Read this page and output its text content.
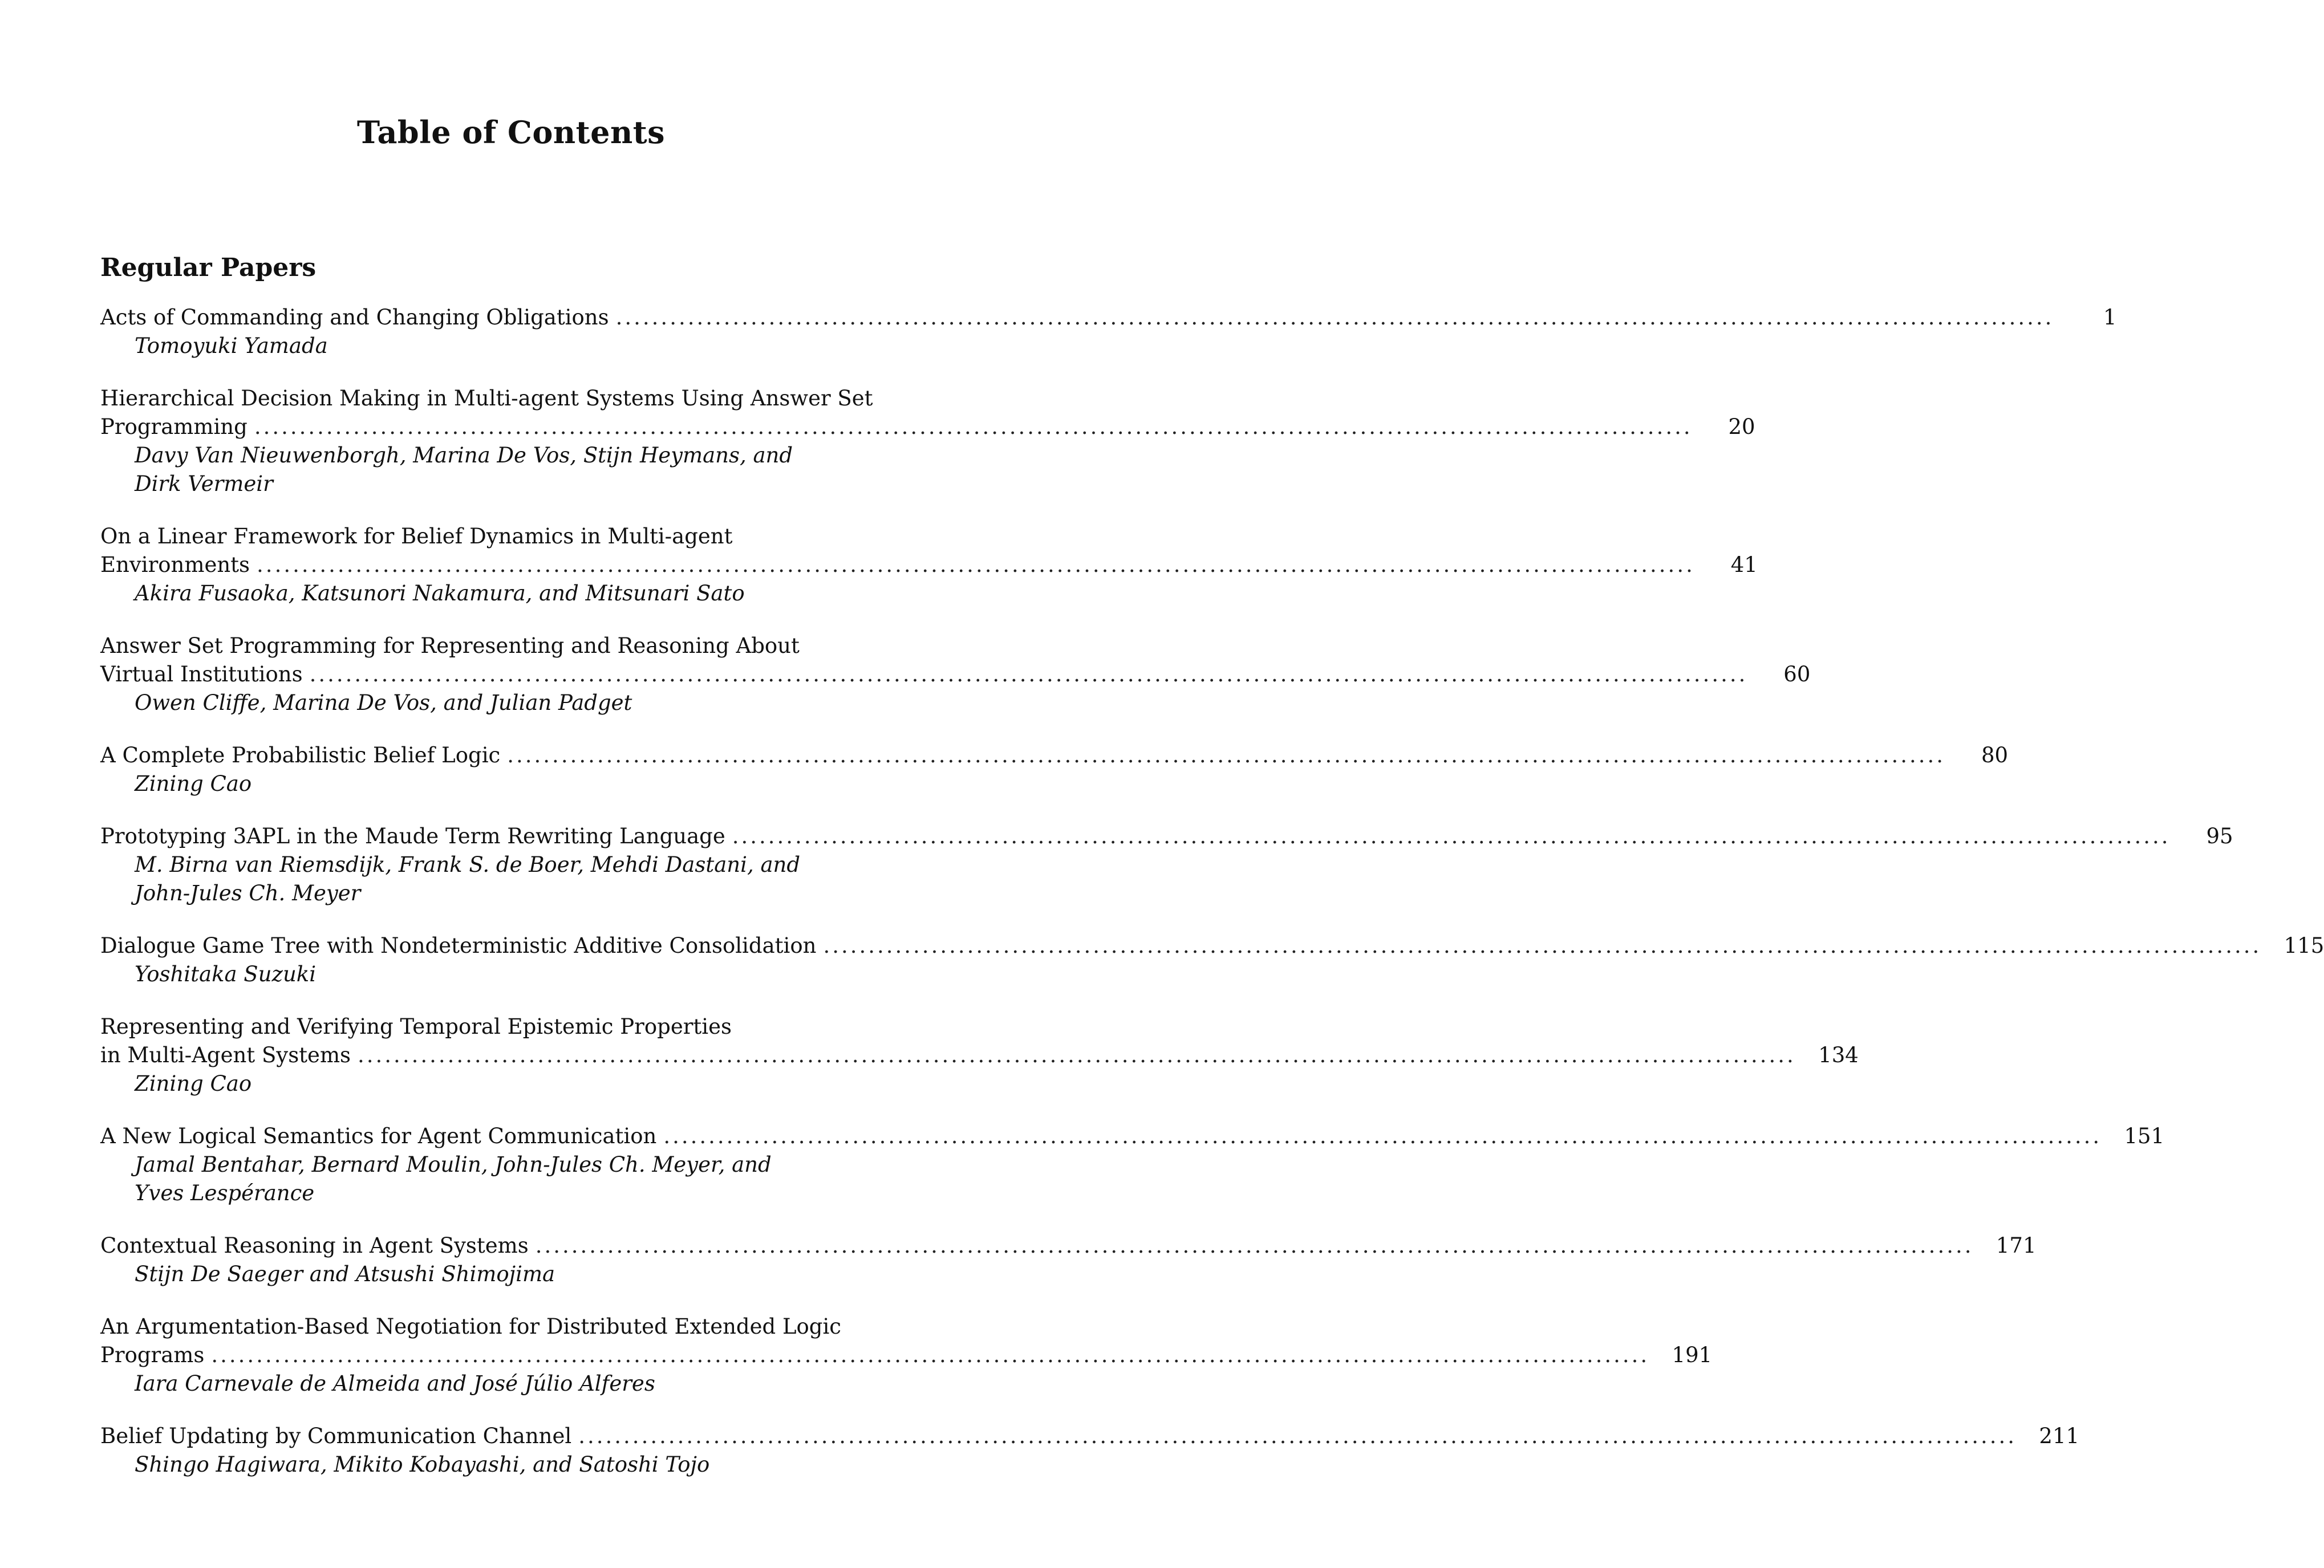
Table of Contents
Regular Papers
Acts of Commanding and Changing Obligations ................................................................................................................................................................	1
Tomoyuki Yamada
Hierarchical Decision Making in Multi-agent Systems Using Answer Set
Programming ................................................................................................................................................................	20
Davy Van Nieuwenborgh, Marina De Vos, Stijn Heymans, and
Dirk Vermeir
On a Linear Framework for Belief Dynamics in Multi-agent
Environments ................................................................................................................................................................	41
Akira Fusaoka, Katsunori Nakamura, and Mitsunari Sato
Answer Set Programming for Representing and Reasoning About
Virtual Institutions ................................................................................................................................................................	60
Owen Cliffe, Marina De Vos, and Julian Padget
A Complete Probabilistic Belief Logic ................................................................................................................................................................	80
Zining Cao
Prototyping 3APL in the Maude Term Rewriting Language ................................................................................................................................................................	95
M. Birna van Riemsdijk, Frank S. de Boer, Mehdi Dastani, and
John-Jules Ch. Meyer
Dialogue Game Tree with Nondeterministic Additive Consolidation ................................................................................................................................................................	115
Yoshitaka Suzuki
Representing and Verifying Temporal Epistemic Properties
in Multi-Agent Systems ................................................................................................................................................................	134
Zining Cao
A New Logical Semantics for Agent Communication ................................................................................................................................................................	151
Jamal Bentahar, Bernard Moulin, John-Jules Ch. Meyer, and
Yves Lespérance
Contextual Reasoning in Agent Systems ................................................................................................................................................................	171
Stijn De Saeger and Atsushi Shimojima
An Argumentation-Based Negotiation for Distributed Extended Logic
Programs ................................................................................................................................................................	191
Iara Carnevale de Almeida and José Júlio Alferes
Belief Updating by Communication Channel ................................................................................................................................................................	211
Shingo Hagiwara, Mikito Kobayashi, and Satoshi Tojo
